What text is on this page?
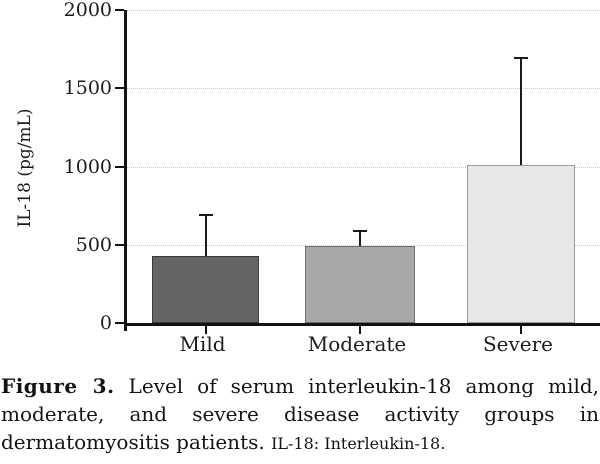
IL-18 (pg/mL)
0
500
1000
1500
2000
Mild	Moderate	Severe
Figure 3. Level of serum interleukin-18 among mild, moderate, and severe disease activity groups in dermatomyositis patients. IL-18: Interleukin-18.
